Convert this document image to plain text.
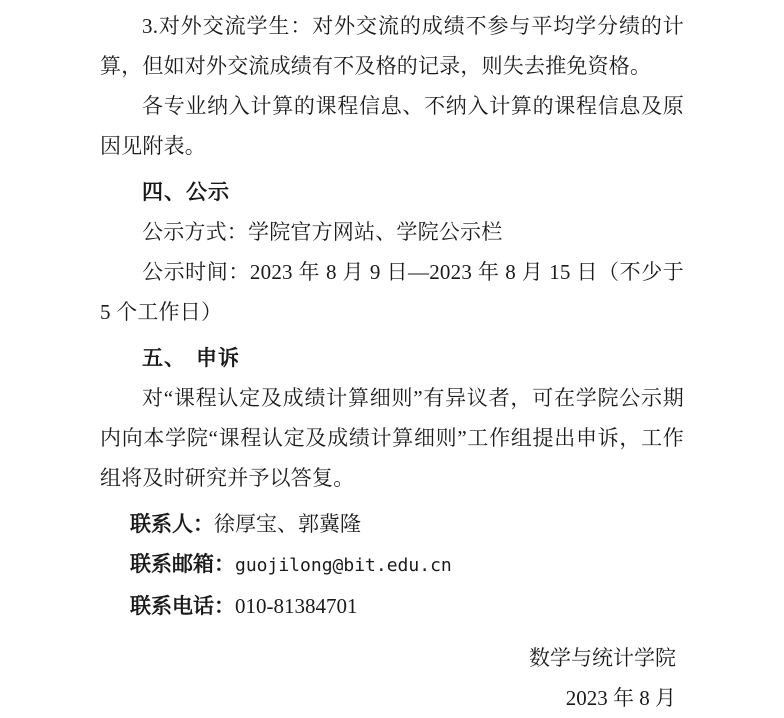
3.对外交流学生：对外交流的成绩不参与平均学分绩的计算，但如对外交流成绩有不及格的记录，则失去推免资格。

各专业纳入计算的课程信息、不纳入计算的课程信息及原因见附表。

四、公示

公示方式：学院官方网站、学院公示栏

公示时间：2023 年 8 月 9 日—2023 年 8 月 15 日（不少于 5 个工作日）

五、 申诉

对“课程认定及成绩计算细则”有异议者，可在学院公示期内向本学院“课程认定及成绩计算细则”工作组提出申诉，工作组将及时研究并予以答复。

联系人：徐厚宝、郭冀隆

联系邮箱：guojilong@bit.edu.cn

联系电话：010-81384701

数学与统计学院

2023 年 8 月
